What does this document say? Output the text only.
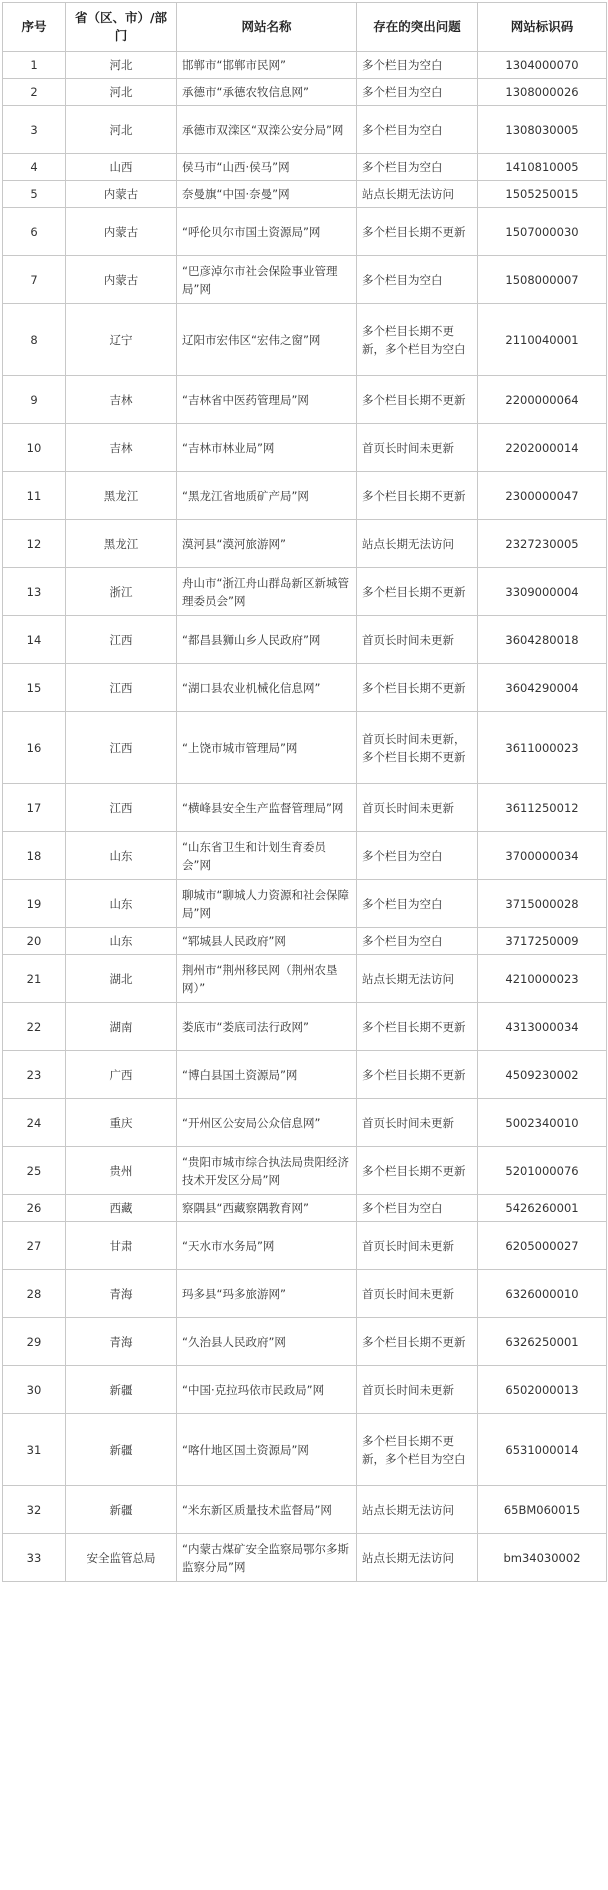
序号	省（区、市）/部门	网站名称	存在的突出问题	网站标识码
1	河北	邯郸市“邯郸市民网”	多个栏目为空白	1304000070
2	河北	承德市“承德农牧信息网”	多个栏目为空白	1308000026
3	河北	承德市双滦区“双滦公安分局”网	多个栏目为空白	1308030005
4	山西	侯马市“山西·侯马”网	多个栏目为空白	1410810005
5	内蒙古	奈曼旗“中国·奈曼”网	站点长期无法访问	1505250015
6	内蒙古	“呼伦贝尔市国土资源局”网	多个栏目长期不更新	1507000030
7	内蒙古	“巴彦淖尔市社会保险事业管理局”网	多个栏目为空白	1508000007
8	辽宁	辽阳市宏伟区“宏伟之窗”网	多个栏目长期不更新，多个栏目为空白	2110040001
9	吉林	“吉林省中医药管理局”网	多个栏目长期不更新	2200000064
10	吉林	“吉林市林业局”网	首页长时间未更新	2202000014
11	黑龙江	“黑龙江省地质矿产局”网	多个栏目长期不更新	2300000047
12	黑龙江	漠河县“漠河旅游网”	站点长期无法访问	2327230005
13	浙江	舟山市“浙江舟山群岛新区新城管理委员会”网	多个栏目长期不更新	3309000004
14	江西	“都昌县狮山乡人民政府”网	首页长时间未更新	3604280018
15	江西	“湖口县农业机械化信息网”	多个栏目长期不更新	3604290004
16	江西	“上饶市城市管理局”网	首页长时间未更新，多个栏目长期不更新	3611000023
17	江西	“横峰县安全生产监督管理局”网	首页长时间未更新	3611250012
18	山东	“山东省卫生和计划生育委员会”网	多个栏目为空白	3700000034
19	山东	聊城市“聊城人力资源和社会保障局”网	多个栏目为空白	3715000028
20	山东	“郓城县人民政府”网	多个栏目为空白	3717250009
21	湖北	荆州市“荆州移民网（荆州农垦网）”	站点长期无法访问	4210000023
22	湖南	娄底市“娄底司法行政网”	多个栏目长期不更新	4313000034
23	广西	“博白县国土资源局”网	多个栏目长期不更新	4509230002
24	重庆	“开州区公安局公众信息网”	首页长时间未更新	5002340010
25	贵州	“贵阳市城市综合执法局贵阳经济技术开发区分局”网	多个栏目长期不更新	5201000076
26	西藏	察隅县“西藏察隅教育网”	多个栏目为空白	5426260001
27	甘肃	“天水市水务局”网	首页长时间未更新	6205000027
28	青海	玛多县“玛多旅游网”	首页长时间未更新	6326000010
29	青海	“久治县人民政府”网	多个栏目长期不更新	6326250001
30	新疆	“中国·克拉玛依市民政局”网	首页长时间未更新	6502000013
31	新疆	“喀什地区国土资源局”网	多个栏目长期不更新，多个栏目为空白	6531000014
32	新疆	“米东新区质量技术监督局”网	站点长期无法访问	65BM060015
33	安全监管总局	“内蒙古煤矿安全监察局鄂尔多斯监察分局”网	站点长期无法访问	bm34030002
